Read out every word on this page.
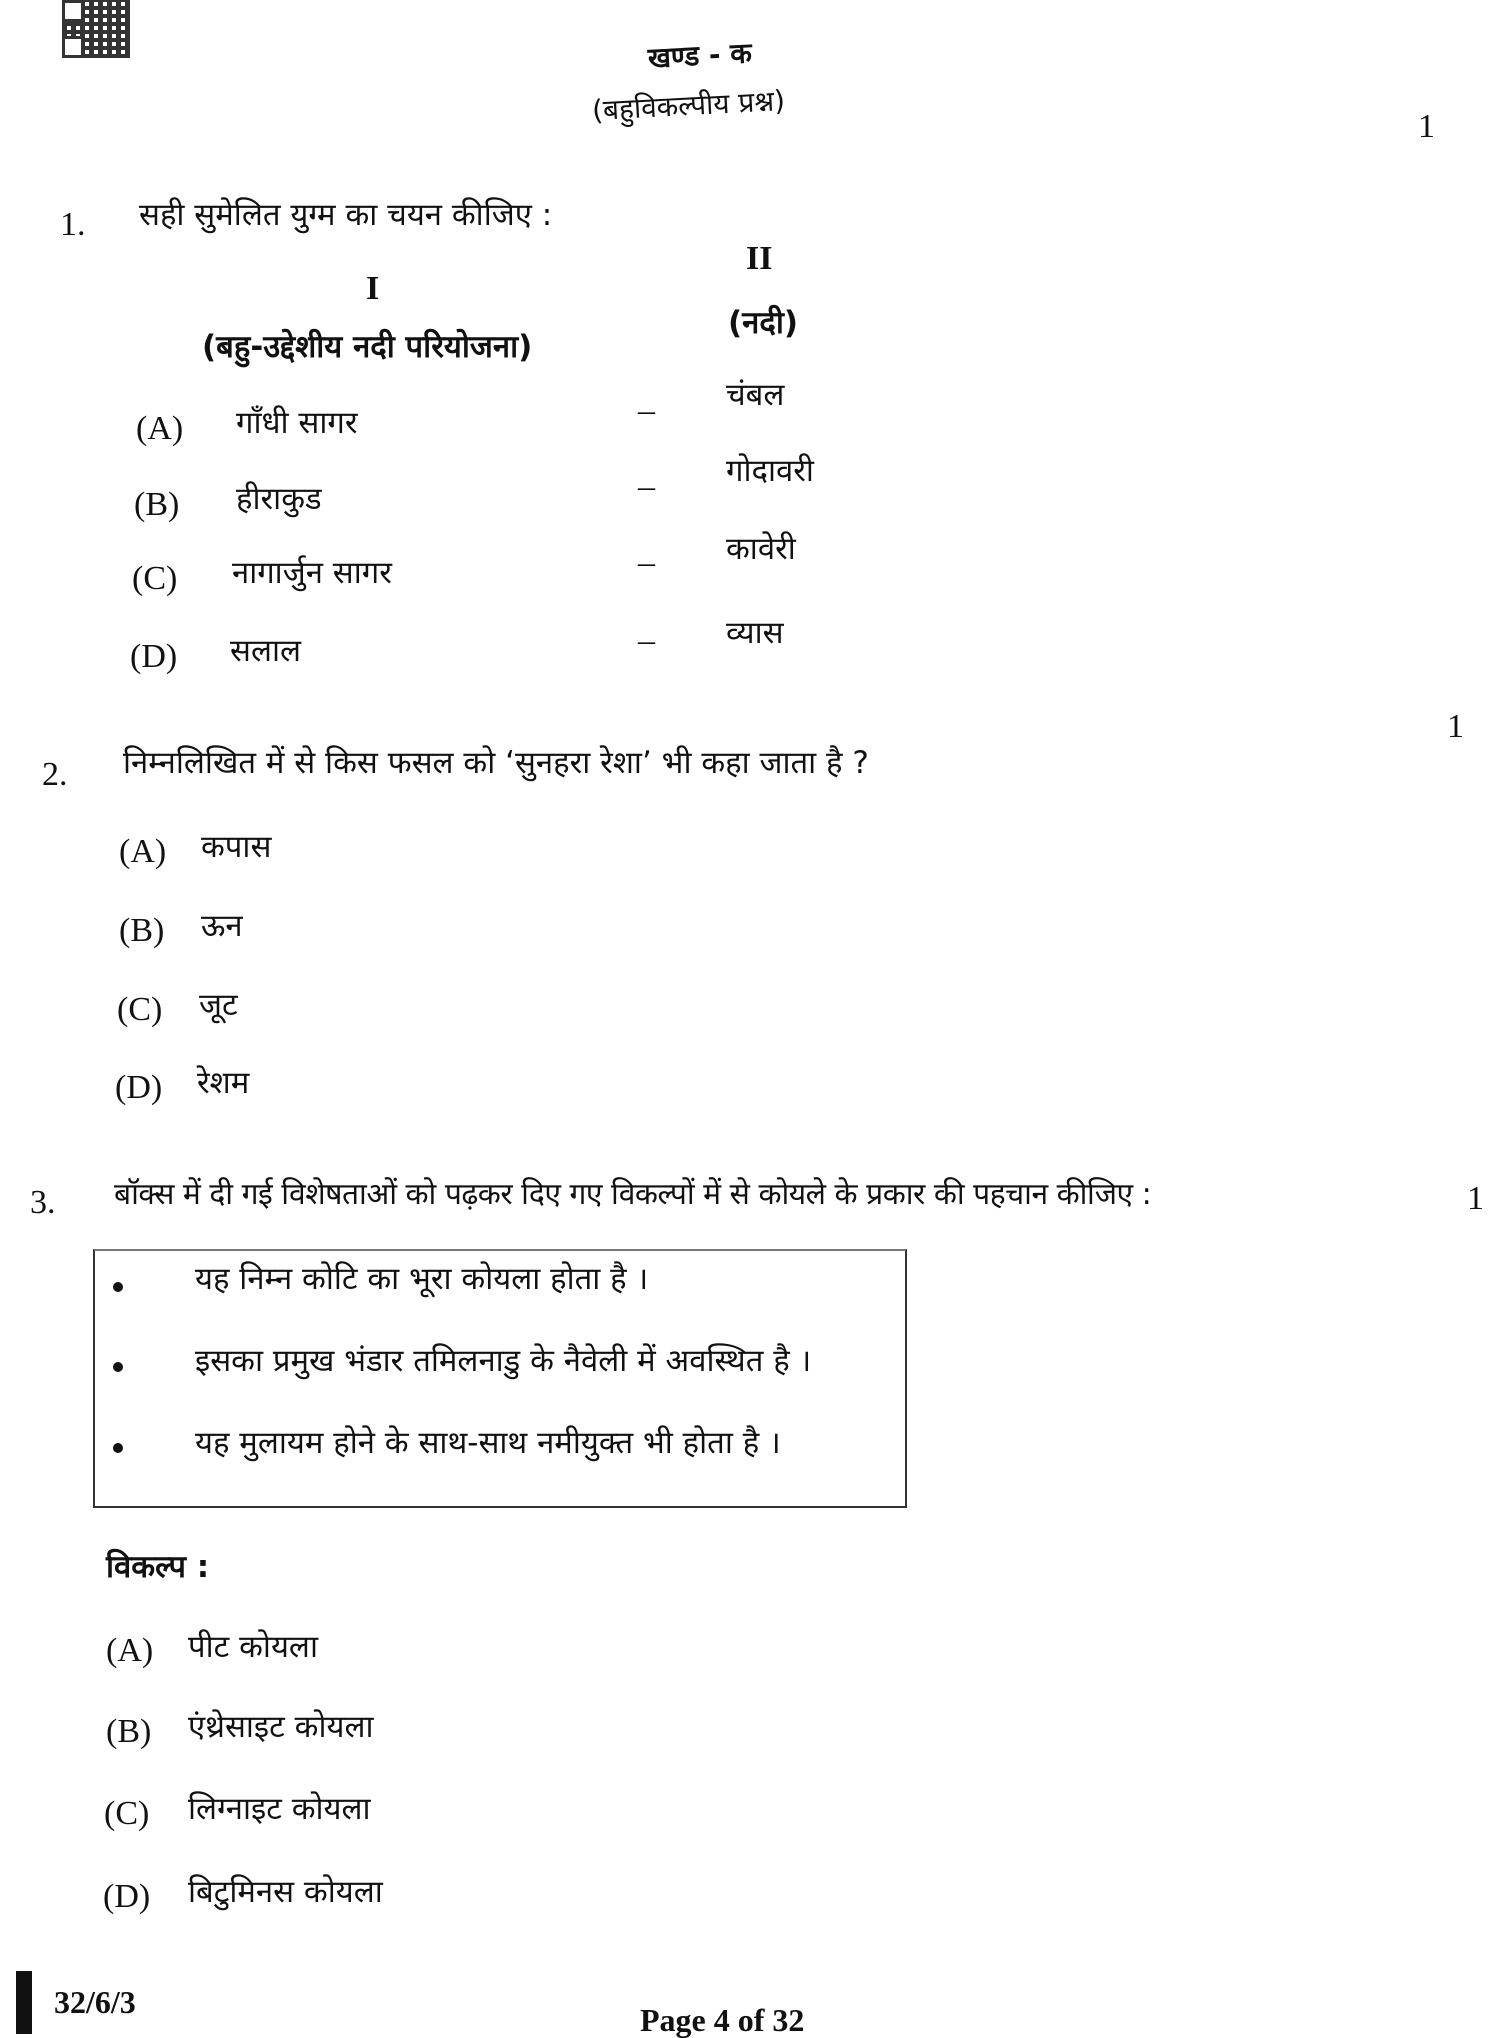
खण्ड - क
(बहुविकल्पीय प्रश्न)	1
1. सही सुमेलित युग्म का चयन कीजिए :
II
I
(नदी)
(बहु-उद्देशीय नदी परियोजना)
(A) गाँधी सागर	– चंबल
(B) हीराकुड	– गोदावरी
(C) नागार्जुन सागर	– कावेरी
(D) सलाल	– व्यास
1
2. निम्नलिखित में से किस फसल को ‘सुनहरा रेशा’ भी कहा जाता है ?
(A) कपास
(B) ऊन
(C) जूट
(D) रेशम
3. बॉक्स में दी गई विशेषताओं को पढ़कर दिए गए विकल्पों में से कोयले के प्रकार की पहचान कीजिए :	1
यह निम्न कोटि का भूरा कोयला होता है ।
इसका प्रमुख भंडार तमिलनाडु के नैवेली में अवस्थित है ।
यह मुलायम होने के साथ-साथ नमीयुक्त भी होता है ।
विकल्प :
(A) पीट कोयला
(B) एंथ्रेसाइट कोयला
(C) लिग्नाइट कोयला
(D) बिटुमिनस कोयला
32/6/3	Page 4 of 32
